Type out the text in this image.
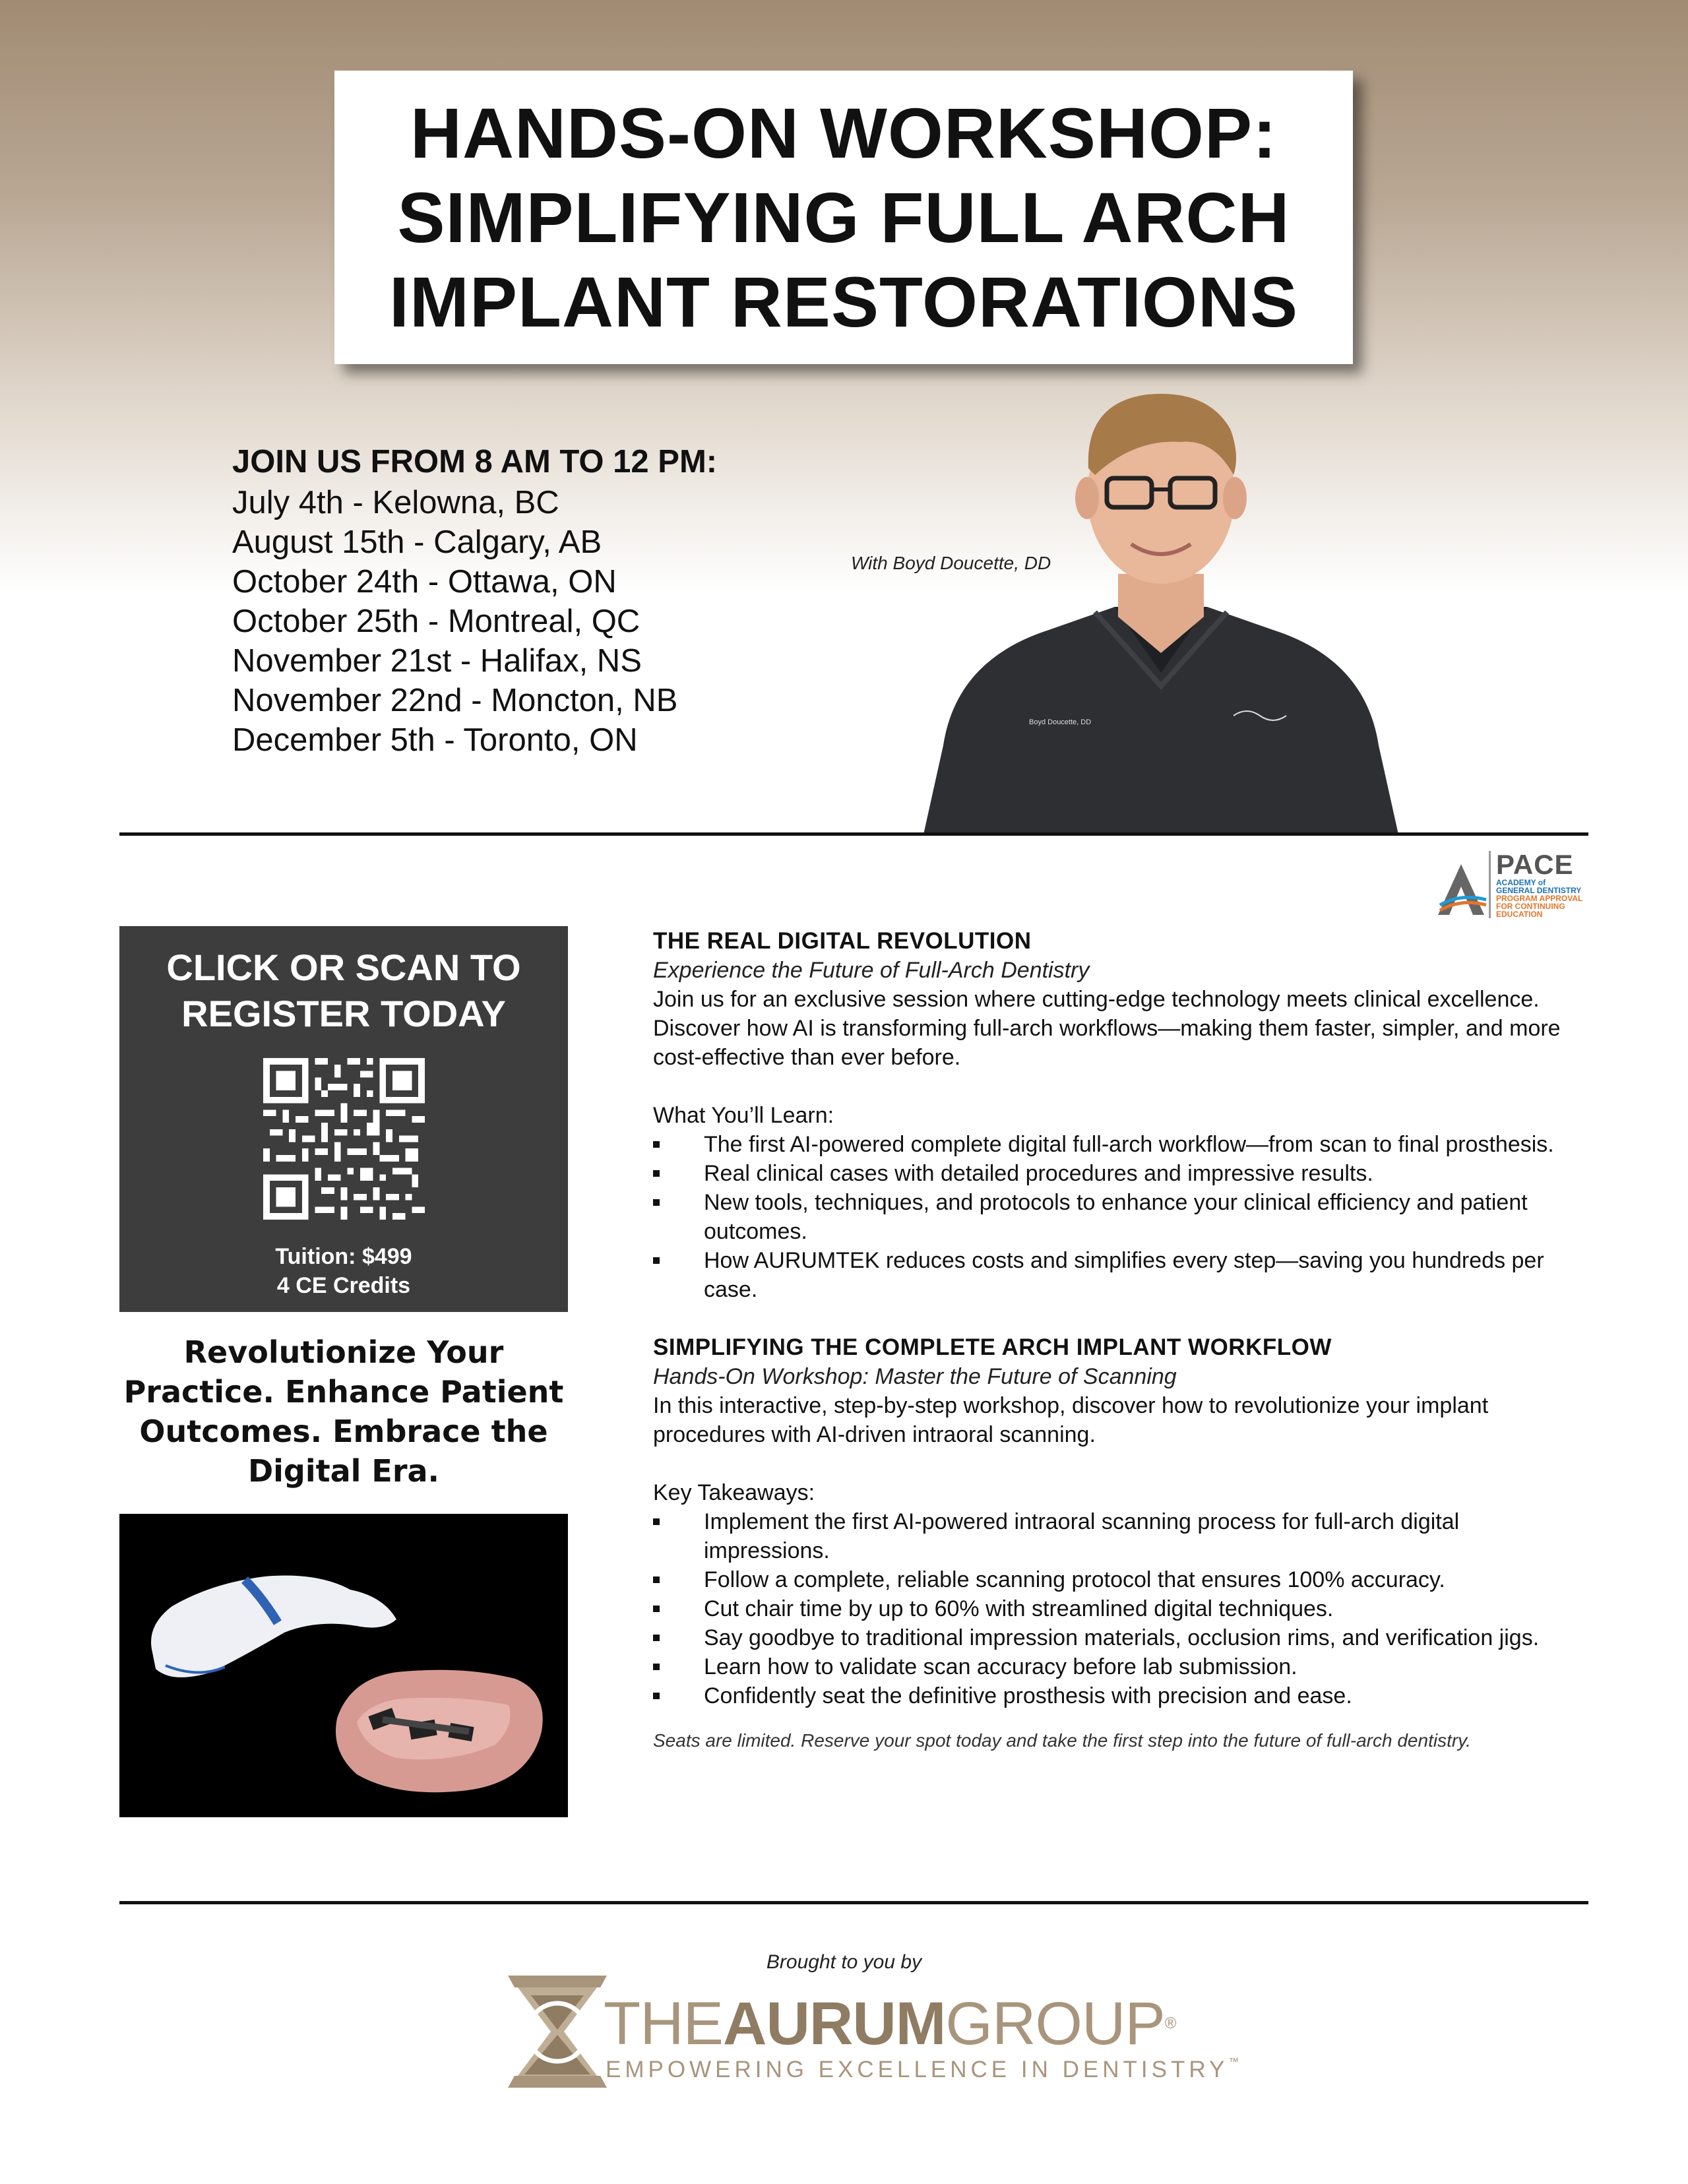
HANDS-ON WORKSHOP:
SIMPLIFYING FULL ARCH
IMPLANT RESTORATIONS
JOIN US FROM 8 AM TO 12 PM:
July 4th - Kelowna, BC
August 15th - Calgary, AB
October 24th - Ottawa, ON
October 25th - Montreal, QC
November 21st - Halifax, NS
November 22nd - Moncton, NB
December 5th - Toronto, ON
With Boyd Doucette, DD
Boyd Doucette, DD
PACE
ACADEMY of
GENERAL DENTISTRY
PROGRAM APPROVAL
FOR CONTINUING
EDUCATION
CLICK OR SCAN TO
REGISTER TODAY
Tuition: $499
4 CE Credits
Revolutionize Your Practice. Enhance Patient Outcomes. Embrace the Digital Era.
THE REAL DIGITAL REVOLUTION
Experience the Future of Full-Arch Dentistry

Join us for an exclusive session where cutting-edge technology meets clinical excellence. Discover how AI is transforming full-arch workflows—making them faster, simpler, and more cost-effective than ever before.

What You’ll Learn:

The first AI-powered complete digital full-arch workflow—from scan to final prosthesis.
Real clinical cases with detailed procedures and impressive results.
New tools, techniques, and protocols to enhance your clinical efficiency and patient outcomes.
How AURUMTEK reduces costs and simplifies every step—saving you hundreds per case.
SIMPLIFYING THE COMPLETE ARCH IMPLANT WORKFLOW
Hands-On Workshop: Master the Future of Scanning

In this interactive, step-by-step workshop, discover how to revolutionize your implant procedures with AI-driven intraoral scanning.

Key Takeaways:

Implement the first AI-powered intraoral scanning process for full-arch digital impressions.
Follow a complete, reliable scanning protocol that ensures 100% accuracy.
Cut chair time by up to 60% with streamlined digital techniques.
Say goodbye to traditional impression materials, occlusion rims, and verification jigs.
Learn how to validate scan accuracy before lab submission.
Confidently seat the definitive prosthesis with precision and ease.
Seats are limited. Reserve your spot today and take the first step into the future of full-arch dentistry.
Brought to you by
THEAURUMGROUP®
EMPOWERING EXCELLENCE IN DENTISTRY™
